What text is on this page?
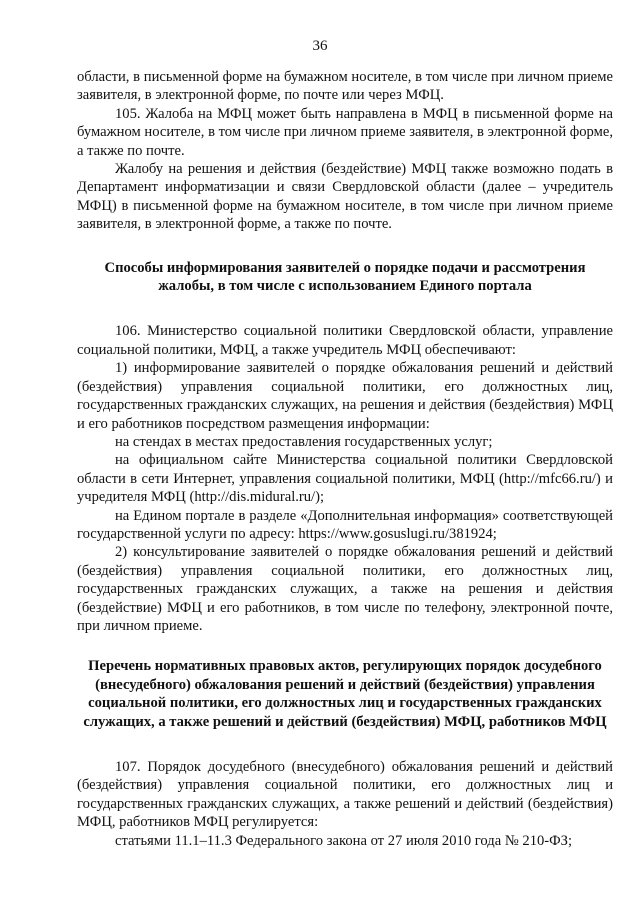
36

области, в письменной форме на бумажном носителе, в том числе при личном приеме заявителя, в электронной форме, по почте или через МФЦ.

105. Жалоба на МФЦ может быть направлена в МФЦ в письменной форме на бумажном носителе, в том числе при личном приеме заявителя, в электронной форме, а также по почте.

Жалобу на решения и действия (бездействие) МФЦ также возможно подать в Департамент информатизации и связи Свердловской области (далее – учредитель МФЦ) в письменной форме на бумажном носителе, в том числе при личном приеме заявителя, в электронной форме, а также по почте.

Способы информирования заявителей о порядке подачи и рассмотрения жалобы, в том числе с использованием Единого портала

106. Министерство социальной политики Свердловской области, управление социальной политики, МФЦ, а также учредитель МФЦ обеспечивают:

1) информирование заявителей о порядке обжалования решений и действий (бездействия) управления социальной политики, его должностных лиц, государственных гражданских служащих, на решения и действия (бездействия) МФЦ и его работников посредством размещения информации:

на стендах в местах предоставления государственных услуг;

на официальном сайте Министерства социальной политики Свердловской области в сети Интернет, управления социальной политики, МФЦ (http://mfc66.ru/) и учредителя МФЦ (http://dis.midural.ru/);

на Едином портале в разделе «Дополнительная информация» соответствующей государственной услуги по адресу: https://www.gosuslugi.ru/381924;

2) консультирование заявителей о порядке обжалования решений и действий (бездействия) управления социальной политики, его должностных лиц, государственных гражданских служащих, а также на решения и действия (бездействие) МФЦ и его работников, в том числе по телефону, электронной почте, при личном приеме.

Перечень нормативных правовых актов, регулирующих порядок досудебного (внесудебного) обжалования решений и действий (бездействия) управления социальной политики, его должностных лиц и государственных гражданских служащих, а также решений и действий (бездействия) МФЦ, работников МФЦ

107. Порядок досудебного (внесудебного) обжалования решений и действий (бездействия) управления социальной политики, его должностных лиц и государственных гражданских служащих, а также решений и действий (бездействия) МФЦ, работников МФЦ регулируется:

статьями 11.1–11.3 Федерального закона от 27 июля 2010 года № 210-ФЗ;
